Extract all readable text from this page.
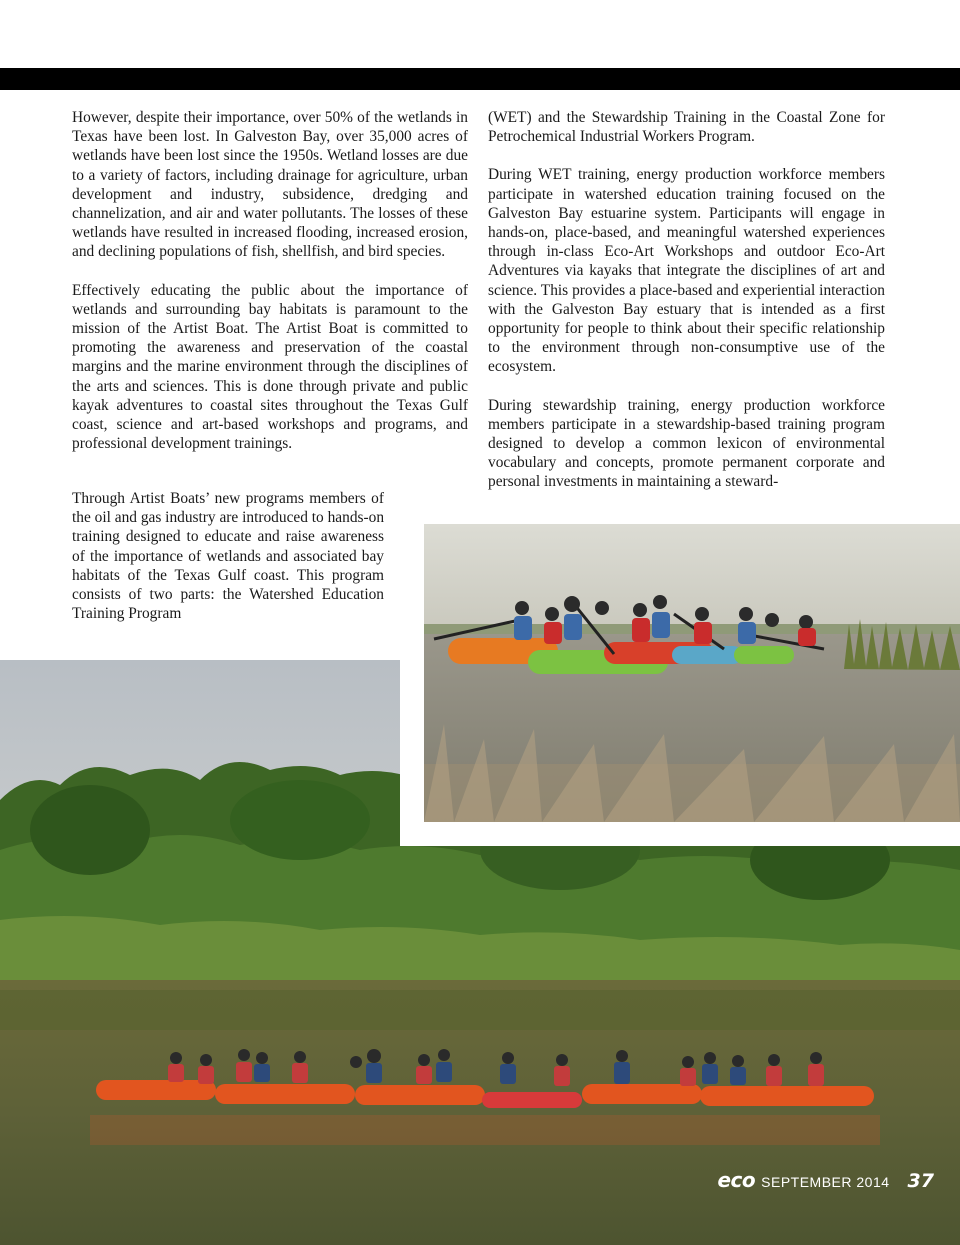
However, despite their importance, over 50% of the wetlands in Texas have been lost. In Galveston Bay, over 35,000 acres of wetlands have been lost since the 1950s. Wetland losses are due to a variety of factors, including drainage for agriculture, urban development and industry, subsidence, dredging and channelization, and air and water pollutants. The losses of these wetlands have resulted in increased flooding, increased erosion, and declining populations of fish, shellfish, and bird species.

Effectively educating the public about the importance of wetlands and surrounding bay habitats is paramount to the mission of the Artist Boat. The Artist Boat is committed to promoting the awareness and preservation of the coastal margins and the marine environment through the disciplines of the arts and sciences. This is done through private and public kayak adventures to coastal sites throughout the Texas Gulf coast, science and art-based workshops and programs, and professional development trainings.

Through Artist Boats’ new programs members of the oil and gas industry are introduced to hands-on training designed to educate and raise awareness of the importance of wetlands and associated bay habitats of the Texas Gulf coast. This program consists of two parts: the Watershed Education Training Program

(WET) and the Stewardship Training in the Coastal Zone for Petrochemical Industrial Workers Program.

During WET training, energy production workforce members participate in watershed education training focused on the Galveston Bay estuarine system. Participants will engage in hands-on, place-based, and meaningful watershed experiences through in-class Eco-Art Workshops and outdoor Eco-Art Adventures via kayaks that integrate the disciplines of art and science. This provides a place-based and experiential interaction with the Galveston Bay estuary that is intended as a first opportunity for people to think about their specific relationship to the environment through non-consumptive use of the ecosystem.

During stewardship training, energy production workforce members participate in a stewardship-based training program designed to develop a common lexicon of environmental vocabulary and concepts, promote permanent corporate and personal investments in maintaining a steward-

eco SEPTEMBER 2014 37
